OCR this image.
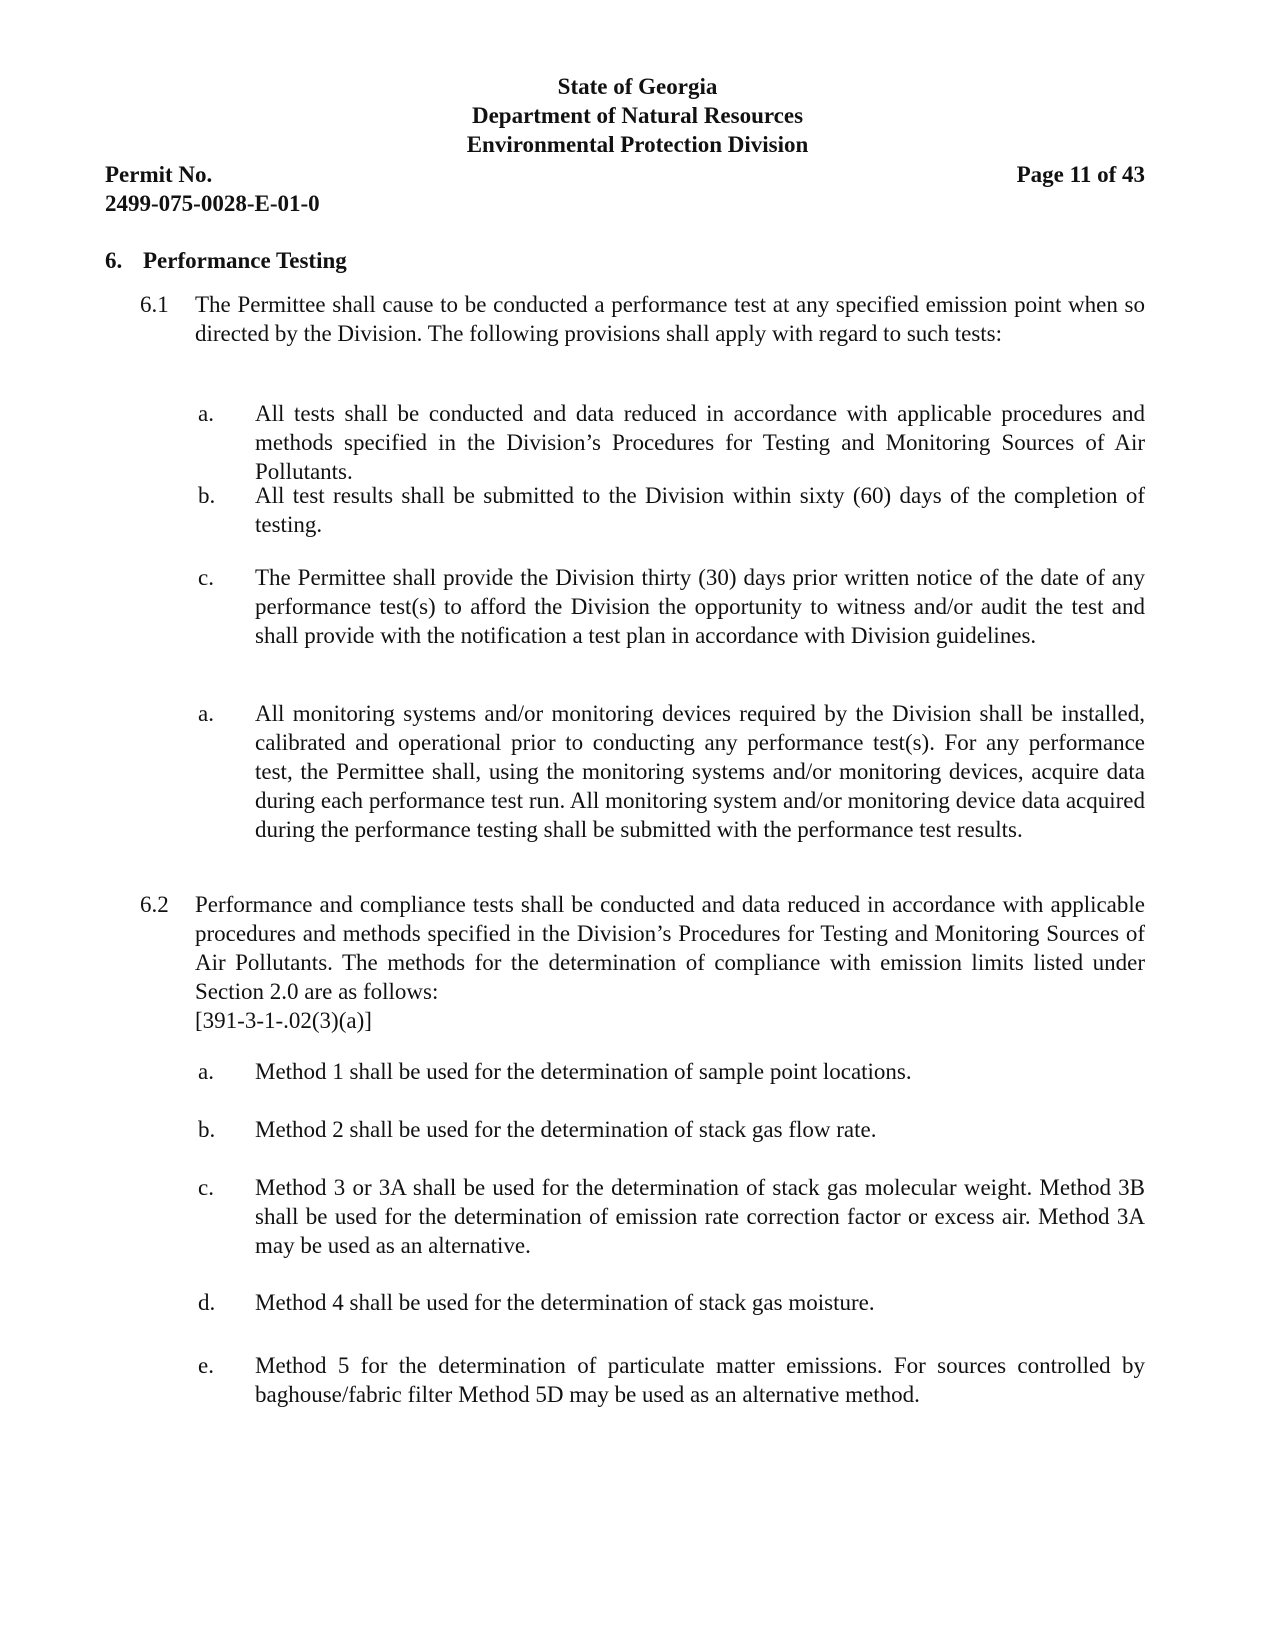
State of Georgia
Department of Natural Resources
Environmental Protection Division
Permit No.
2499-075-0028-E-01-0
Page 11 of 43
6. Performance Testing
6.1 The Permittee shall cause to be conducted a performance test at any specified emission point when so directed by the Division. The following provisions shall apply with regard to such tests:
a. All tests shall be conducted and data reduced in accordance with applicable procedures and methods specified in the Division’s Procedures for Testing and Monitoring Sources of Air Pollutants.
b. All test results shall be submitted to the Division within sixty (60) days of the completion of testing.
c. The Permittee shall provide the Division thirty (30) days prior written notice of the date of any performance test(s) to afford the Division the opportunity to witness and/or audit the test and shall provide with the notification a test plan in accordance with Division guidelines.
a. All monitoring systems and/or monitoring devices required by the Division shall be installed, calibrated and operational prior to conducting any performance test(s). For any performance test, the Permittee shall, using the monitoring systems and/or monitoring devices, acquire data during each performance test run. All monitoring system and/or monitoring device data acquired during the performance testing shall be submitted with the performance test results.
6.2 Performance and compliance tests shall be conducted and data reduced in accordance with applicable procedures and methods specified in the Division’s Procedures for Testing and Monitoring Sources of Air Pollutants. The methods for the determination of compliance with emission limits listed under Section 2.0 are as follows:
[391-3-1-.02(3)(a)]
a. Method 1 shall be used for the determination of sample point locations.
b. Method 2 shall be used for the determination of stack gas flow rate.
c. Method 3 or 3A shall be used for the determination of stack gas molecular weight. Method 3B shall be used for the determination of emission rate correction factor or excess air. Method 3A may be used as an alternative.
d. Method 4 shall be used for the determination of stack gas moisture.
e. Method 5 for the determination of particulate matter emissions. For sources controlled by baghouse/fabric filter Method 5D may be used as an alternative method.
